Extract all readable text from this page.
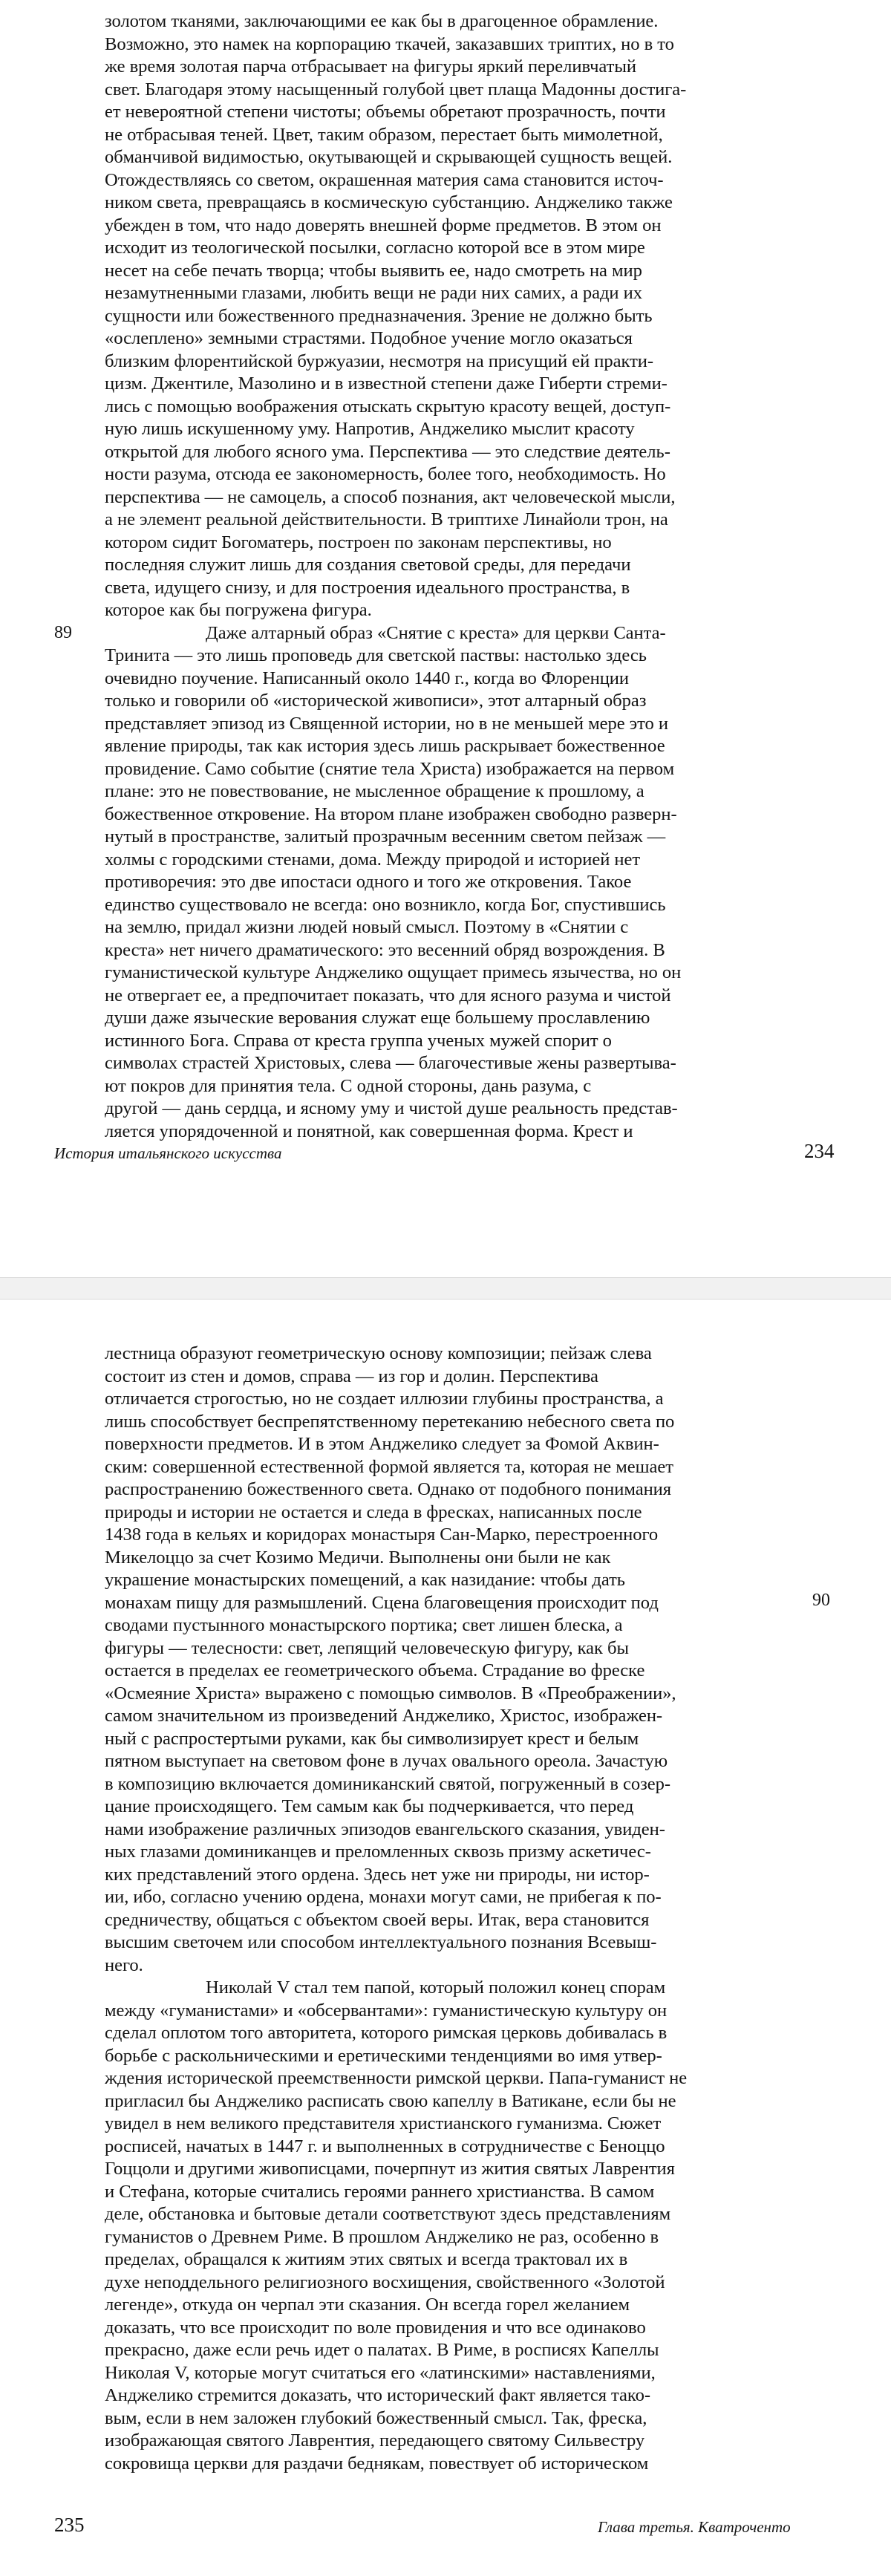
золотом тканями, заключающими ее как бы в драгоценное обрамление.
Возможно, это намек на корпорацию ткачей, заказавших триптих, но в то
же время золотая парча отбрасывает на фигуры яркий переливчатый
свет. Благодаря этому насыщенный голубой цвет плаща Мадонны достига-
ет невероятной степени чистоты; объемы обретают прозрачность, почти
не отбрасывая теней. Цвет, таким образом, перестает быть мимолетной,
обманчивой видимостью, окутывающей и скрывающей сущность вещей.
Отождествляясь со светом, окрашенная материя сама становится источ-
ником света, превращаясь в космическую субстанцию. Анджелико также
убежден в том, что надо доверять внешней форме предметов. В этом он
исходит из теологической посылки, согласно которой все в этом мире
несет на себе печать творца; чтобы выявить ее, надо смотреть на мир
незамутненными глазами, любить вещи не ради них самих, а ради их
сущности или божественного предназначения. Зрение не должно быть
«ослеплено» земными страстями. Подобное учение могло оказаться
близким флорентийской буржуазии, несмотря на присущий ей практи-
цизм. Джентиле, Мазолино и в известной степени даже Гиберти стреми-
лись с помощью воображения отыскать скрытую красоту вещей, доступ-
ную лишь искушенному уму. Напротив, Анджелико мыслит красоту
открытой для любого ясного ума. Перспектива — это следствие деятель-
ности разума, отсюда ее закономерность, более того, необходимость. Но
перспектива — не самоцель, а способ познания, акт человеческой мысли,
а не элемент реальной действительности. В триптихе Линайоли трон, на
котором сидит Богоматерь, построен по законам перспективы, но
последняя служит лишь для создания световой среды, для передачи
света, идущего снизу, и для построения идеального пространства, в
которое как бы погружена фигура.
Даже алтарный образ «Снятие с креста» для церкви Санта-
Тринита — это лишь проповедь для светской паствы: настолько здесь
очевидно поучение. Написанный около 1440 г., когда во Флоренции
только и говорили об «исторической живописи», этот алтарный образ
представляет эпизод из Священной истории, но в не меньшей мере это и
явление природы, так как история здесь лишь раскрывает божественное
провидение. Само событие (снятие тела Христа) изображается на первом
плане: это не повествование, не мысленное обращение к прошлому, а
божественное откровение. На втором плане изображен свободно разверн-
нутый в пространстве, залитый прозрачным весенним светом пейзаж —
холмы с городскими стенами, дома. Между природой и историей нет
противоречия: это две ипостаси одного и того же откровения. Такое
единство существовало не всегда: оно возникло, когда Бог, спустившись
на землю, придал жизни людей новый смысл. Поэтому в «Снятии с
креста» нет ничего драматического: это весенний обряд возрождения. В
гуманистической культуре Анджелико ощущает примесь язычества, но он
не отвергает ее, а предпочитает показать, что для ясного разума и чистой
души даже языческие верования служат еще большему прославлению
истинного Бога. Справа от креста группа ученых мужей спорит о
символах страстей Христовых, слева — благочестивые жены развертыва-
ют покров для принятия тела. С одной стороны, дань разума, с
другой — дань сердца, и ясному уму и чистой душе реальность представ-
ляется упорядоченной и понятной, как совершенная форма. Крест и
89
История итальянского искусства	234
лестница образуют геометрическую основу композиции; пейзаж слева
состоит из стен и домов, справа — из гор и долин. Перспектива
отличается строгостью, но не создает иллюзии глубины пространства, а
лишь способствует беспрепятственному перетеканию небесного света по
поверхности предметов. И в этом Анджелико следует за Фомой Аквин-
ским: совершенной естественной формой является та, которая не мешает
распространению божественного света. Однако от подобного понимания
природы и истории не остается и следа в фресках, написанных после
1438 года в кельях и коридорах монастыря Сан-Марко, перестроенного
Микелоццо за счет Козимо Медичи. Выполнены они были не как
украшение монастырских помещений, а как назидание: чтобы дать
монахам пищу для размышлений. Сцена благовещения происходит под
сводами пустынного монастырского портика; свет лишен блеска, а
фигуры — телесности: свет, лепящий человеческую фигуру, как бы
остается в пределах ее геометрического объема. Страдание во фреске
«Осмеяние Христа» выражено с помощью символов. В «Преображении»,
самом значительном из произведений Анджелико, Христос, изображен-
ный с распростертыми руками, как бы символизирует крест и белым
пятном выступает на световом фоне в лучах овального ореола. Зачастую
в композицию включается доминиканский святой, погруженный в созер-
цание происходящего. Тем самым как бы подчеркивается, что перед
нами изображение различных эпизодов евангельского сказания, увиден-
ных глазами доминиканцев и преломленных сквозь призму аскетичес-
ких представлений этого ордена. Здесь нет уже ни природы, ни истор-
ии, ибо, согласно учению ордена, монахи могут сами, не прибегая к по-
средничеству, общаться с объектом своей веры. Итак, вера становится
высшим светочем или способом интеллектуального познания Всевыш-
него.
Николай V стал тем папой, который положил конец спорам
между «гуманистами» и «обсервантами»: гуманистическую культуру он
сделал оплотом того авторитета, которого римская церковь добивалась в
борьбе с раскольническими и еретическими тенденциями во имя утвер-
ждения исторической преемственности римской церкви. Папа-гуманист не
пригласил бы Анджелико расписать свою капеллу в Ватикане, если бы не
увидел в нем великого представителя христианского гуманизма. Сюжет
росписей, начатых в 1447 г. и выполненных в сотрудничестве с Беноццо
Гоццоли и другими живописцами, почерпнут из жития святых Лаврентия
и Стефана, которые считались героями раннего христианства. В самом
деле, обстановка и бытовые детали соответствуют здесь представлениям
гуманистов о Древнем Риме. В прошлом Анджелико не раз, особенно в
пределах, обращался к житиям этих святых и всегда трактовал их в
духе неподдельного религиозного восхищения, свойственного «Золотой
легенде», откуда он черпал эти сказания. Он всегда горел желанием
доказать, что все происходит по воле провидения и что все одинаково
прекрасно, даже если речь идет о палатах. В Риме, в росписях Капеллы
Николая V, которые могут считаться его «латинскими» наставлениями,
Анджелико стремится доказать, что исторический факт является тако-
вым, если в нем заложен глубокий божественный смысл. Так, фреска,
изображающая святого Лаврентия, передающего святому Сильвестру
сокровища церкви для раздачи беднякам, повествует об историческом
90
235	Глава третья. Кватроченто
